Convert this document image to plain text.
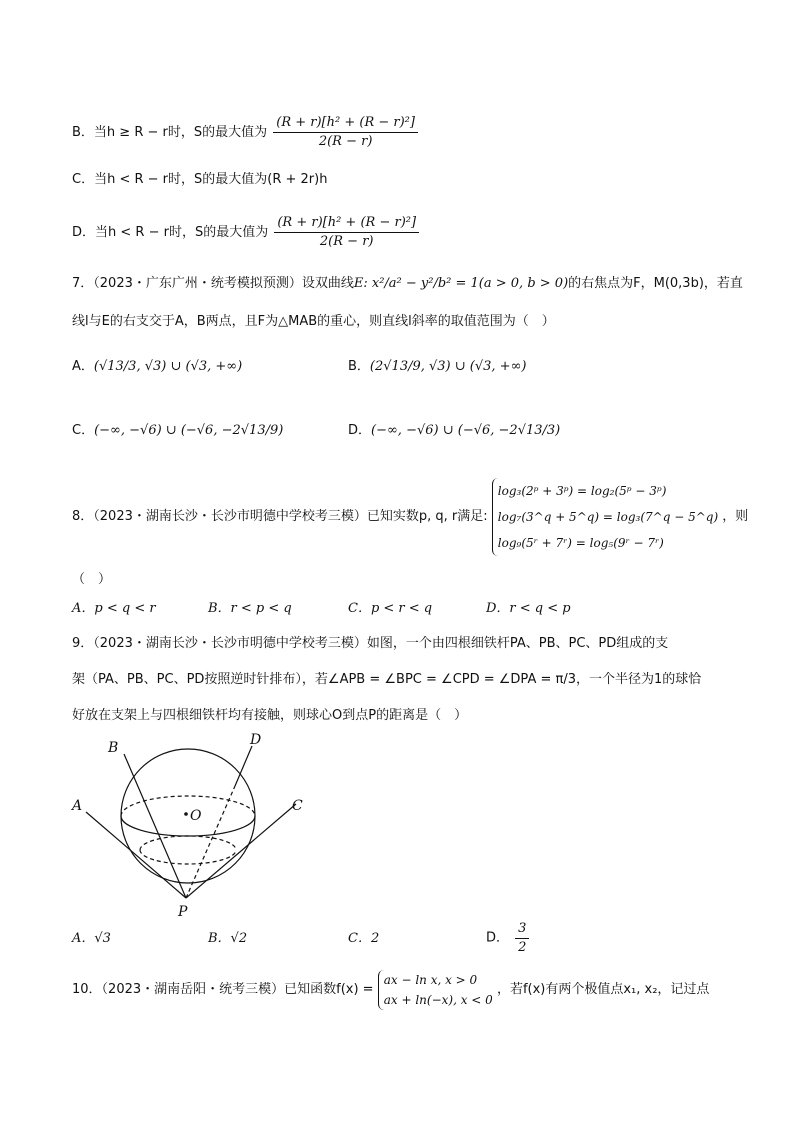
B．当h ≥ R − r时，S的最大值为 $\frac{\text{(R + r)[h² + (R − r)²]}}{2(R - r)}$
C．当h < R − r时，S的最大值为(R + 2r)h
D．当h < R − r时，S的最大值为 $\frac{\text{(R + r)[h² + (R − r)²]}}{2(R - r)}$
7．（2023・广东广州・统考模拟预测）设双曲线E: x²/a² − y²/b² = 1(a > 0, b > 0)的右焦点为F，M(0,3b)，若直
线l与E的右支交于A，B两点，且F为△MAB的重心，则直线l斜率的取值范围为（　）
A．(√13/3, √3) ∪ (√3, +∞)	B．(2√13/9, √3) ∪ (√3, +∞)
C．(−∞, −√6) ∪ (−√6, −2√13/9)	D．(−∞, −√6) ∪ (−√6, −2√13/3)
8．（2023・湖南长沙・长沙市明德中学校考三模）已知实数p, q, r满足:
log₃(2ᵖ + 3ᵖ) = log₂(5ᵖ − 3ᵖ)
log₇(3^q + 5^q) = log₃(7^q − 5^q)
log₉(5ʳ + 7ʳ) = log₅(9ʳ − 7ʳ)
，则
（　）
A．p < q < r	B．r < p < q	C．p < r < q	D．r < q < p
9．（2023・湖南长沙・长沙市明德中学校考三模）如图，一个由四根细铁杆PA、PB、PC、PD组成的支
架（PA、PB、PC、PD按照逆时针排布），若∠APB = ∠BPC = ∠CPD = ∠DPA = π/3，一个半径为1的球恰
好放在支架上与四根细铁杆均有接触，则球心O到点P的距离是（　）
A
B
C
D
O
P
A．√3	B．√2	C．2	D． $\frac{3}{2}$
10．（2023・湖南岳阳・统考三模）已知函数f(x) =
ax − ln x, x > 0
ax + ln(−x), x < 0
，若f(x)有两个极值点x₁, x₂，记过点
